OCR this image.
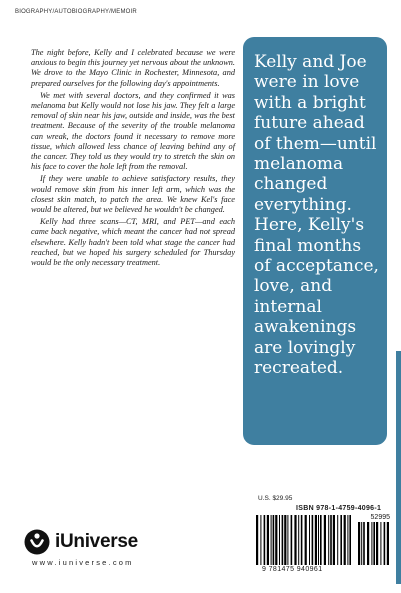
BIOGRAPHY/AUTOBIOGRAPHY/MEMOIR

The night before, Kelly and I celebrated because we were anxious to begin this journey yet nervous about the unknown. We drove to the Mayo Clinic in Rochester, Minnesota, and prepared ourselves for the following day's appointments.

We met with several doctors, and they confirmed it was melanoma but Kelly would not lose his jaw. They felt a large removal of skin near his jaw, outside and inside, was the best treatment. Because of the severity of the trouble melanoma can wreak, the doctors found it necessary to remove more tissue, which allowed less chance of leaving behind any of the cancer. They told us they would try to stretch the skin on his face to cover the hole left from the removal.

If they were unable to achieve satisfactory results, they would remove skin from his inner left arm, which was the closest skin match, to patch the area. We knew Kel's face would be altered, but we believed he wouldn't be changed.

Kelly had three scans—CT, MRI, and PET—and each came back negative, which meant the cancer had not spread elsewhere. Kelly hadn't been told what stage the cancer had reached, but we hoped his surgery scheduled for Thursday would be the only necessary treatment.

Kelly and Joe were in love with a bright future ahead of them—until melanoma changed everything. Here, Kelly's final months of acceptance, love, and internal awakenings are lovingly recreated.
U.S. $29.95
ISBN 978-1-4759-4096-1
52995
9 781475 940961
iUniverse
www.iuniverse.com
